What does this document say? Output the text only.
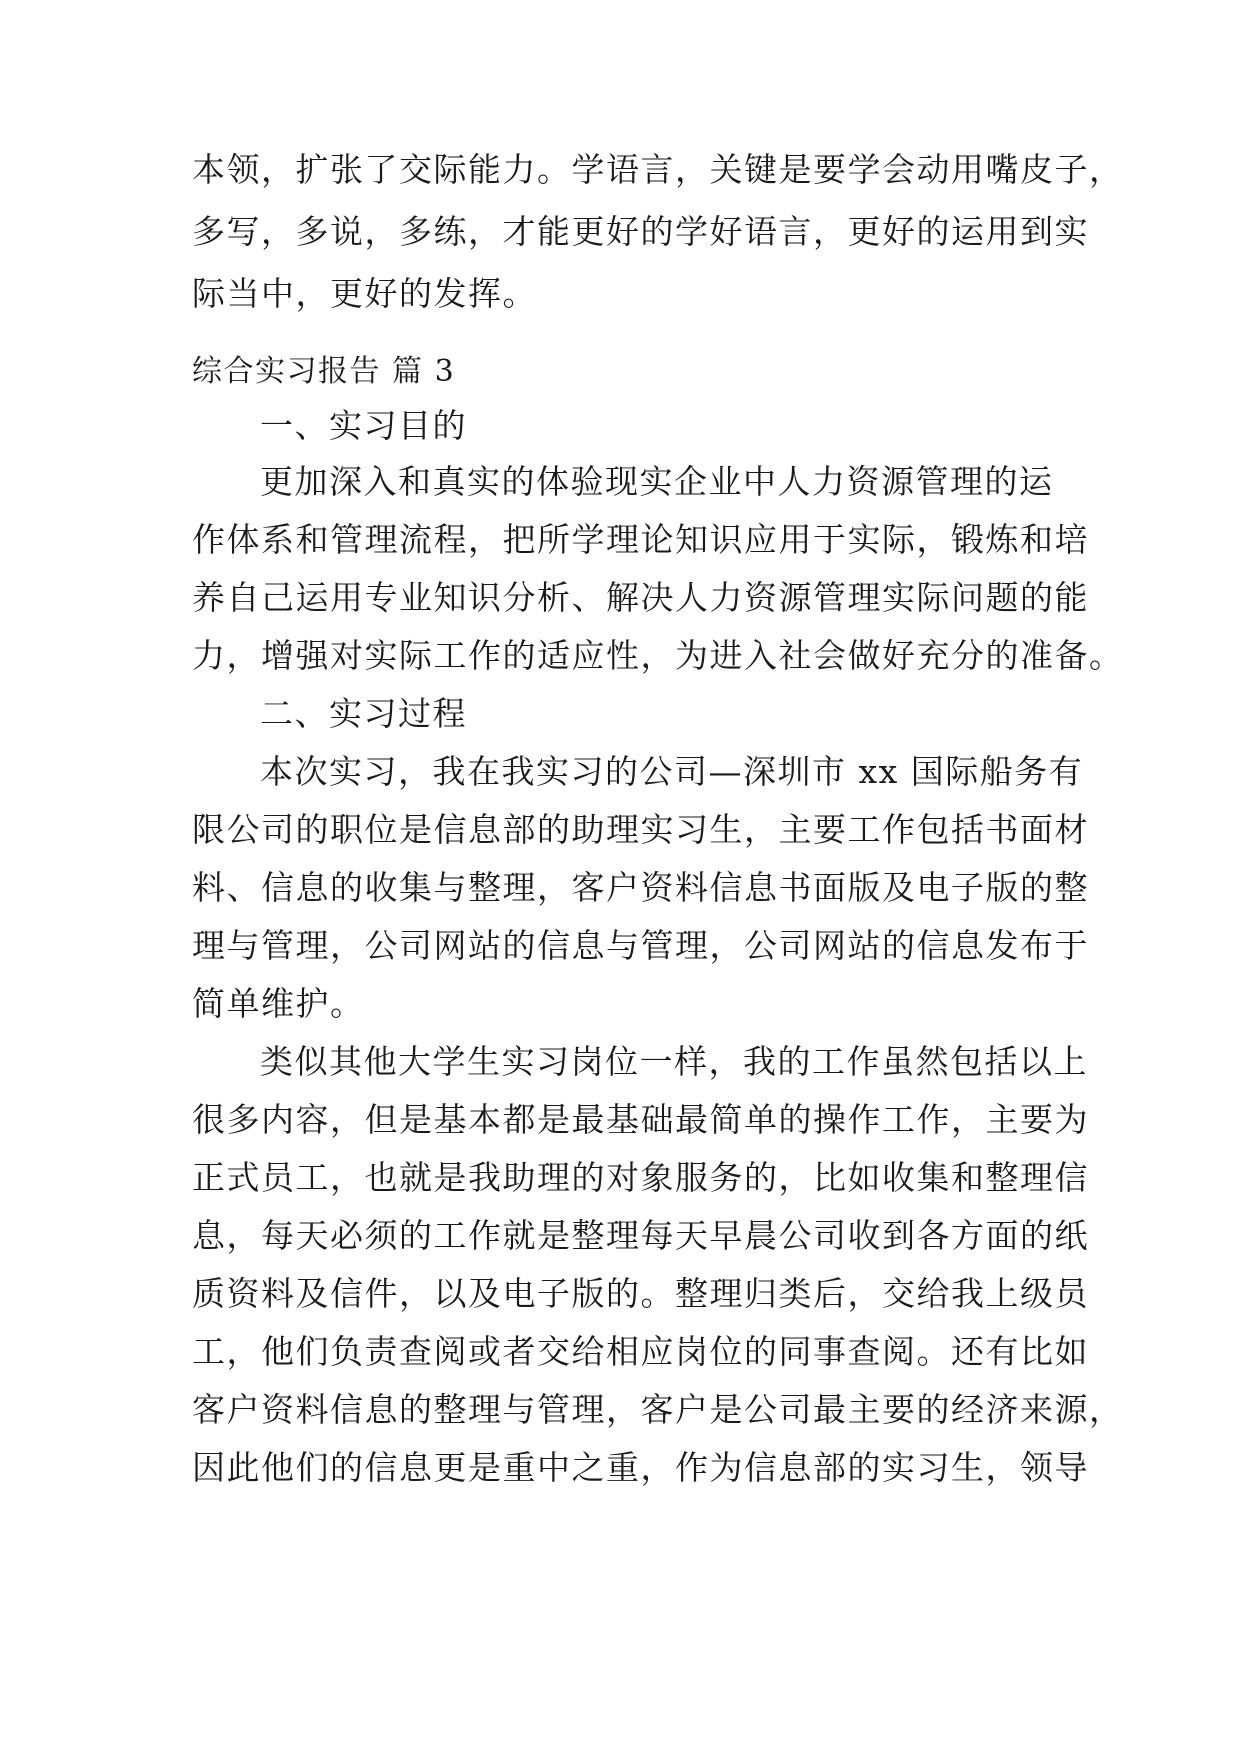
本领，扩张了交际能力。学语言，关键是要学会动用嘴皮子，
多写，多说，多练，才能更好的学好语言，更好的运用到实
际当中，更好的发挥。
综合实习报告 篇 3
一、实习目的
更加深入和真实的体验现实企业中人力资源管理的运
作体系和管理流程，把所学理论知识应用于实际，锻炼和培
养自己运用专业知识分析、解决人力资源管理实际问题的能
力，增强对实际工作的适应性，为进入社会做好充分的准备。
二、实习过程
本次实习，我在我实习的公司—深圳市 xx 国际船务有
限公司的职位是信息部的助理实习生，主要工作包括书面材
料、信息的收集与整理，客户资料信息书面版及电子版的整
理与管理，公司网站的信息与管理，公司网站的信息发布于
简单维护。
类似其他大学生实习岗位一样，我的工作虽然包括以上
很多内容，但是基本都是最基础最简单的操作工作，主要为
正式员工，也就是我助理的对象服务的，比如收集和整理信
息，每天必须的工作就是整理每天早晨公司收到各方面的纸
质资料及信件，以及电子版的。整理归类后，交给我上级员
工，他们负责查阅或者交给相应岗位的同事查阅。还有比如
客户资料信息的整理与管理，客户是公司最主要的经济来源，
因此他们的信息更是重中之重，作为信息部的实习生，领导
